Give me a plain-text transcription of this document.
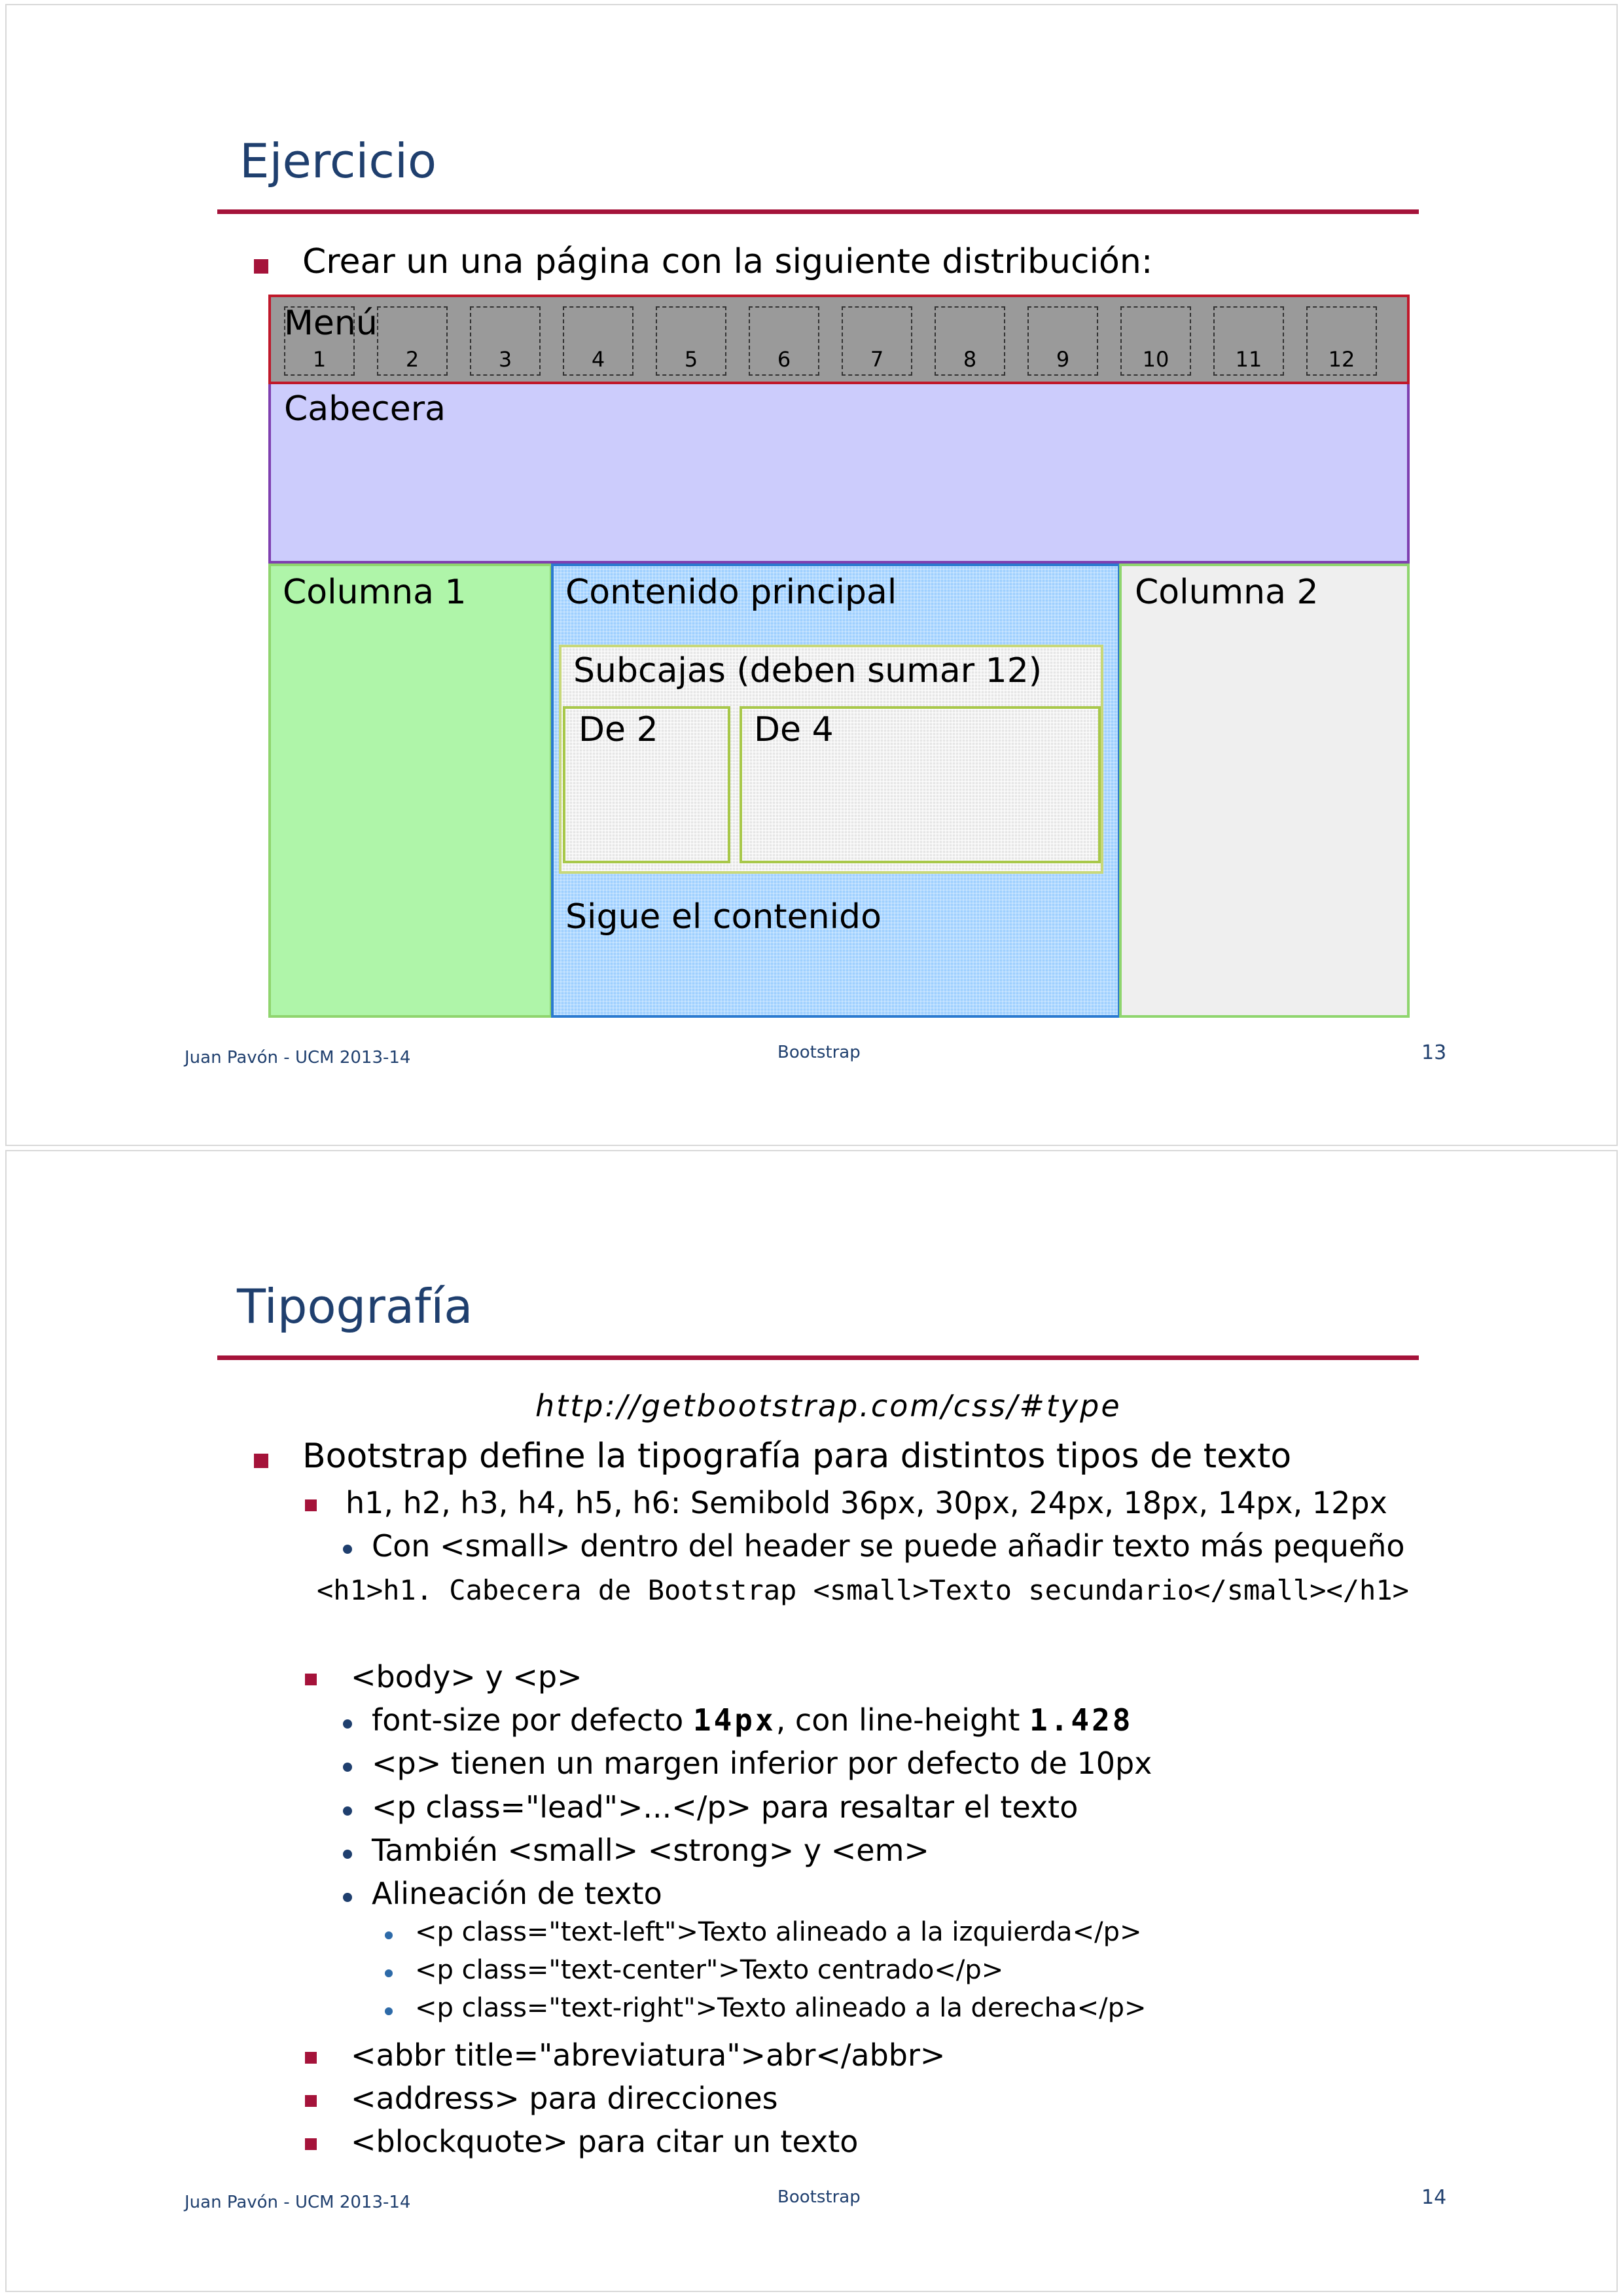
Ejercicio
Crear un una página con la siguiente distribución:
Menú
1	2	3	4	5	6	7	8	9	10	11	12
Cabecera
Columna 1	Contenido principal
Subcajas (deben sumar 12)
De 2	De 4
Sigue el contenido
Columna 2
Juan Pavón - UCM 2013-14	Bootstrap	13
Tipografía
http://getbootstrap.com/css/#type
Bootstrap define la tipografía para distintos tipos de texto
h1, h2, h3, h4, h5, h6: Semibold 36px, 30px, 24px, 18px, 14px, 12px
Con <small> dentro del header se puede añadir texto más pequeño
<h1>h1. Cabecera de Bootstrap <small>Texto secundario</small></h1>
<body> y <p>
font-size por defecto 14px, con line-height 1.428
<p> tienen un margen inferior por defecto de 10px
<p class="lead">...</p> para resaltar el texto
También <small> <strong> y <em>
Alineación de texto
<p class="text-left">Texto alineado a la izquierda</p>
<p class="text-center">Texto centrado</p>
<p class="text-right">Texto alineado a la derecha</p>
<abbr title="abreviatura">abr</abbr>
<address> para direcciones
<blockquote> para citar un texto
Juan Pavón - UCM 2013-14	Bootstrap	14
